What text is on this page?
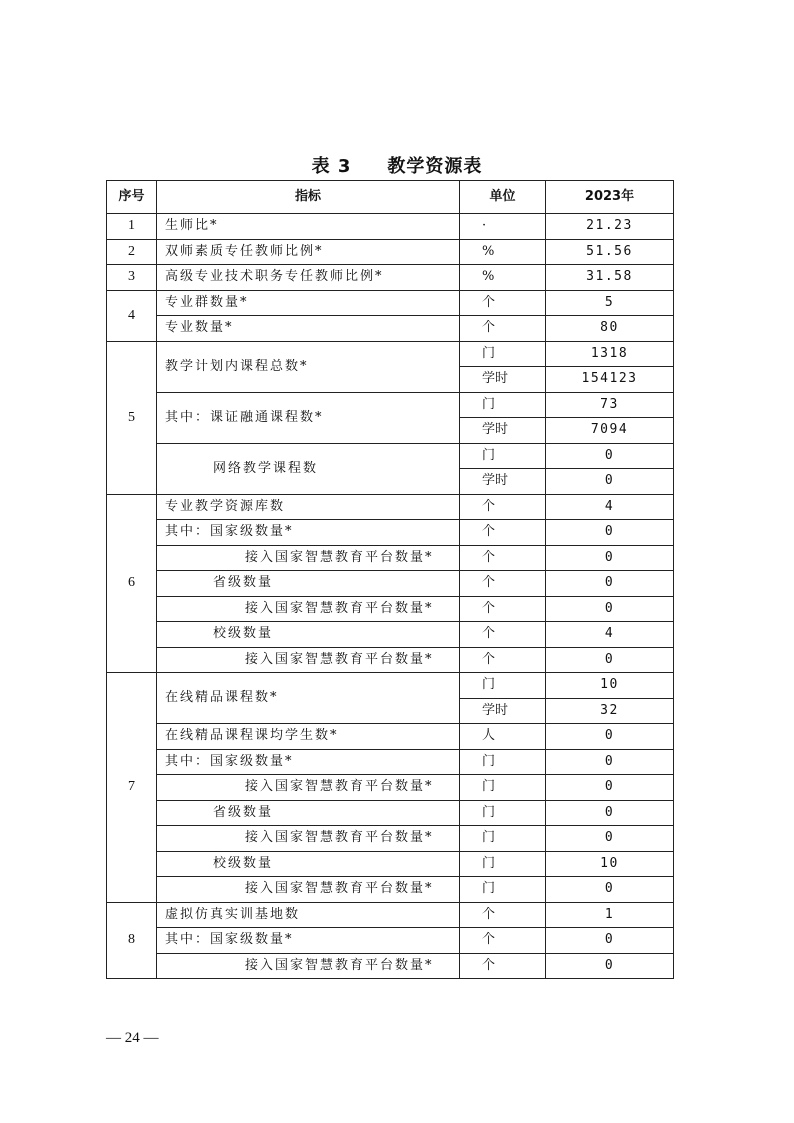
表 3 教学资源表
序号	指标	单位	2023年
1	生师比*	·	21.23
2	双师素质专任教师比例*	%	51.56
3	高级专业技术职务专任教师比例*	%	31.58
4	专业群数量*	个	5
	专业数量*	个	80
5	教学计划内课程总数*	门	1318
		学时	154123
	其中：课证融通课程数*	门	73
		学时	7094
	网络教学课程数	门	0
		学时	0
6	专业教学资源库数	个	4
	其中：国家级数量*	个	0
	接入国家智慧教育平台数量*	个	0
	省级数量	个	0
	接入国家智慧教育平台数量*	个	0
	校级数量	个	4
	接入国家智慧教育平台数量*	个	0
7	在线精品课程数*	门	10
		学时	32
	在线精品课程课均学生数*	人	0
	其中：国家级数量*	门	0
	接入国家智慧教育平台数量*	门	0
	省级数量	门	0
	接入国家智慧教育平台数量*	门	0
	校级数量	门	10
	接入国家智慧教育平台数量*	门	0
8	虚拟仿真实训基地数	个	1
	其中：国家级数量*	个	0
	接入国家智慧教育平台数量*	个	0
— 24 —
